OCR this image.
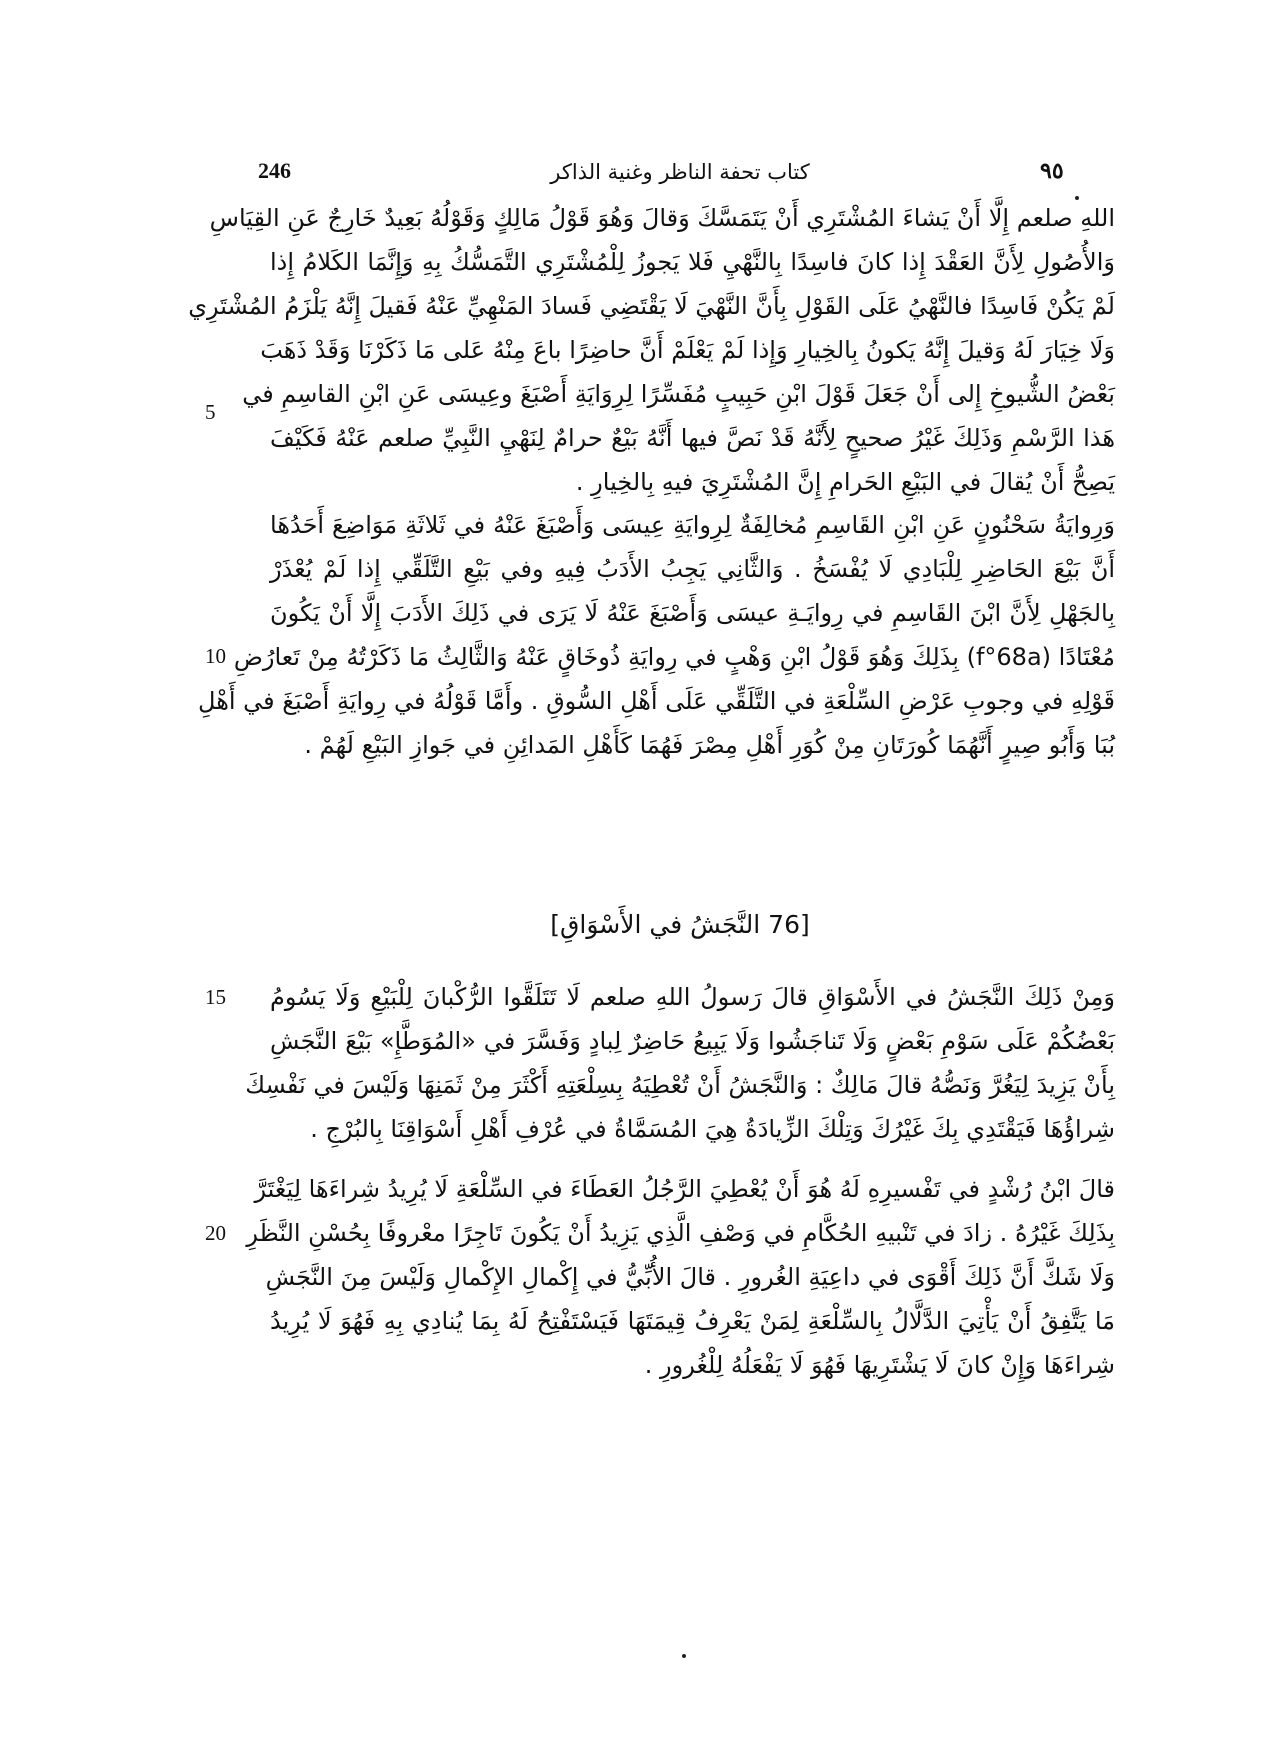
246	كتاب تحفة الناظر وغنية الذاكر	٩٥
اللهِ صلعم إِلَّا أَنْ يَشاءَ المُشْتَرِي أَنْ يَتَمَسَّكَ وَقالَ وَهُوَ قَوْلُ مَالِكٍ وَقَوْلُهُ بَعِيدٌ خَارِجٌ عَنِ القِيَاسِ
وَالأُصُولِ لِأَنَّ العَقْدَ إِذا كانَ فاسِدًا بِالنَّهْيِ فَلا يَجوزُ لِلْمُشْتَرِي التَّمَسُّكُ بِهِ وَإِنَّمَا الكَلامُ إِذا
لَمْ يَكُنْ فَاسِدًا فالنَّهْيُ عَلَى القَوْلِ بِأَنَّ النَّهْيَ لَا يَقْتَضِي فَسادَ المَنْهِيِّ عَنْهُ فَقيلَ إِنَّهُ يَلْزَمُ المُشْتَرِي
وَلَا خِيَارَ لَهُ وَقيلَ إِنَّهُ يَكونُ بِالخِيارِ وَإِذا لَمْ يَعْلَمْ أَنَّ حاضِرًا باعَ مِنْهُ عَلى مَا ذَكَرْنَا وَقَدْ ذَهَبَ
بَعْضُ الشُّيوخِ إِلى أَنْ جَعَلَ قَوْلَ ابْنِ حَبِيبٍ مُفَسِّرًا لِرِوَايَةِ أَصْبَغَ وعِيسَى عَنِ ابْنِ القاسِمِ في
هَذا الرَّسْمِ وَذَلِكَ غَيْرُ صحيحٍ لِأَنَّهُ قَدْ نَصَّ فيها أَنَّهُ بَيْعٌ حرامٌ لِنَهْيِ النَّبِيِّ صلعم عَنْهُ فَكَيْفَ
يَصِحُّ أَنْ يُقالَ في البَيْعِ الحَرامِ إِنَّ المُشْتَرِيَ فيهِ بِالخِيارِ .
وَرِوايَةُ سَحْنُونٍ عَنِ ابْنِ القَاسِمِ مُخالِفَةٌ لِرِوايَةِ عِيسَى وَأَصْبَغَ عَنْهُ في ثَلاثَةِ مَوَاضِعَ أَحَدُهَا
أَنَّ بَيْعَ الحَاضِرِ لِلْبَادِي لَا يُفْسَخُ . وَالثَّانِي يَجِبُ الأَدَبُ فِيهِ وفي بَيْعِ التَّلَقِّي إِذا لَمْ يُعْذَرْ
بِالجَهْلِ لِأَنَّ ابْنَ القَاسِمِ في رِوايَـةِ عيسَى وَأَصْبَغَ عَنْهُ لَا يَرَى في ذَلِكَ الأَدَبَ إِلَّا أَنْ يَكُونَ
مُعْتَادًا (f°68a) بِذَلِكَ وَهُوَ قَوْلُ ابْنِ وَهْبٍ في رِوايَةِ ذُوخَاقٍ عَنْهُ وَالثَّالِثُ مَا ذَكَرْتُهُ مِنْ تَعارُضِ
قَوْلِهِ في وجوبِ عَرْضِ السِّلْعَةِ في التَّلَقِّي عَلَى أَهْلِ السُّوقِ . وأَمَّا قَوْلُهُ في رِوايَةِ أَصْبَغَ في أَهْلِ
بُبَا وَأَبُو صِيرٍ أَنَّهُمَا كُورَتَانِ مِنْ كُوَرِ أَهْلِ مِصْرَ فَهُمَا كَأَهْلِ المَدائِنِ في جَوازِ البَيْعِ لَهُمْ .
[76 النَّجَشُ في الأَسْوَاقِ]
وَمِنْ ذَلِكَ النَّجَشُ في الأَسْوَاقِ قالَ رَسولُ اللهِ صلعم لَا تَتَلَقَّوا الرُّكْبانَ لِلْبَيْعِ وَلَا يَسُومُ
بَعْضُكُمْ عَلَى سَوْمِ بَعْضٍ وَلَا تَناجَشُوا وَلَا يَبِيعُ حَاضِرٌ لِبادٍ وَفَسَّرَ في «المُوَطَّإِ» بَيْعَ النَّجَشِ
بِأَنْ يَزِيدَ لِيَغُرَّ وَنَصُّهُ قالَ مَالِكٌ : وَالنَّجَشُ أَنْ تُعْطِيَهُ بِسِلْعَتِهِ أَكْثَرَ مِنْ ثَمَنِهَا وَلَيْسَ في نَفْسِكَ
شِراؤُهَا فَيَقْتَدِي بِكَ غَيْرُكَ وَتِلْكَ الزِّيادَةُ هِيَ المُسَمَّاةُ في عُرْفِ أَهْلِ أَسْوَاقِنَا بِالبُرْجِ .
قالَ ابْنُ رُشْدٍ في تَفْسيرِهِ لَهُ هُوَ أَنْ يُعْطِيَ الرَّجُلُ العَطَاءَ في السِّلْعَةِ لَا يُرِيدُ شِراءَهَا لِيَغْتَرَّ
بِذَلِكَ غَيْرُهُ . زادَ في تَنْبيهِ الحُكَّامِ في وَصْفِ الَّذِي يَزِيدُ أَنْ يَكُونَ تَاجِرًا معْروفًا بِحُسْنِ النَّظَرِ
وَلَا شَكَّ أَنَّ ذَلِكَ أَقْوَى في داعِيَةِ الغُرورِ . قالَ الأُبِّيُّ في إِكْمالِ الإِكْمالِ وَلَيْسَ مِنَ النَّجَشِ
مَا يَتَّفِقُ أَنْ يَأْتِيَ الدَّلَّالُ بِالسِّلْعَةِ لِمَنْ يَعْرِفُ قِيمَتَهَا فَيَسْتَفْتِحُ لَهُ بِمَا يُنادِي بِهِ فَهُوَ لَا يُرِيدُ
شِراءَهَا وَإِنْ كانَ لَا يَشْتَرِيهَا فَهُوَ لَا يَفْعَلُهُ لِلْغُرورِ .
5
10
15
20
